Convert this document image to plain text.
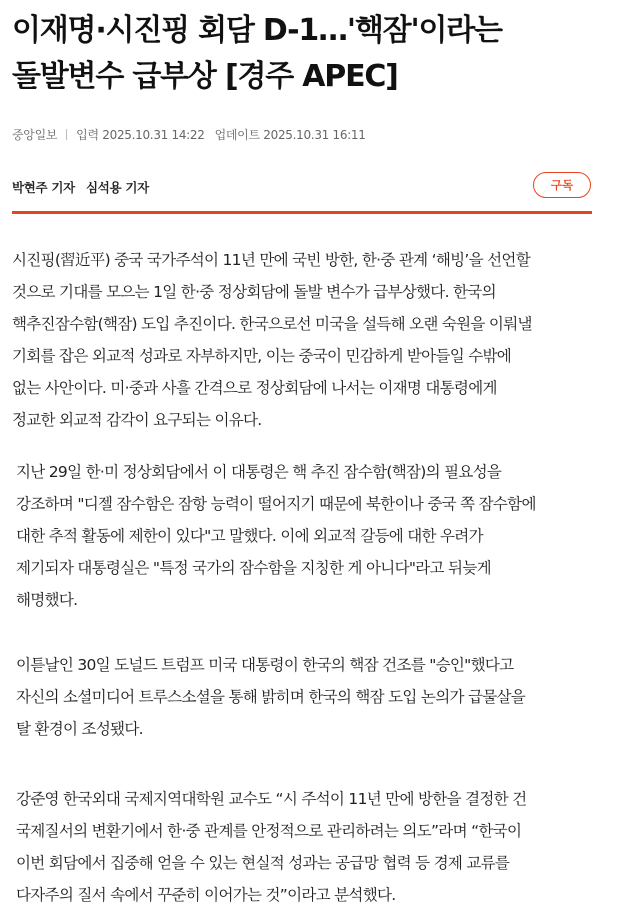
이재명·시진핑 회담 D-1…'핵잠'이라는
돌발변수 급부상 [경주 APEC]
중앙일보 입력 2025.10.31 14:22 업데이트 2025.10.31 16:11
박현주 기자 심석용 기자	구독

시진핑(習近平) 중국 국가주석이 11년 만에 국빈 방한, 한·중 관계 ‘해빙’을 선언할
것으로 기대를 모으는 1일 한·중 정상회담에 돌발 변수가 급부상했다. 한국의
핵추진잠수함(핵잠) 도입 추진이다. 한국으로선 미국을 설득해 오랜 숙원을 이뤄낼
기회를 잡은 외교적 성과로 자부하지만, 이는 중국이 민감하게 받아들일 수밖에
없는 사안이다. 미·중과 사흘 간격으로 정상회담에 나서는 이재명 대통령에게
정교한 외교적 감각이 요구되는 이유다.

지난 29일 한·미 정상회담에서 이 대통령은 핵 추진 잠수함(핵잠)의 필요성을
강조하며 "디젤 잠수함은 잠항 능력이 떨어지기 때문에 북한이나 중국 쪽 잠수함에
대한 추적 활동에 제한이 있다"고 말했다. 이에 외교적 갈등에 대한 우려가
제기되자 대통령실은 "특정 국가의 잠수함을 지칭한 게 아니다"라고 뒤늦게
해명했다.

이튿날인 30일 도널드 트럼프 미국 대통령이 한국의 핵잠 건조를 "승인"했다고
자신의 소셜미디어 트루스소셜을 통해 밝히며 한국의 핵잠 도입 논의가 급물살을
탈 환경이 조성됐다.

강준영 한국외대 국제지역대학원 교수도 “시 주석이 11년 만에 방한을 결정한 건
국제질서의 변환기에서 한·중 관계를 안정적으로 관리하려는 의도”라며 “한국이
이번 회담에서 집중해 얻을 수 있는 현실적 성과는 공급망 협력 등 경제 교류를
다자주의 질서 속에서 꾸준히 이어가는 것”이라고 분석했다.
